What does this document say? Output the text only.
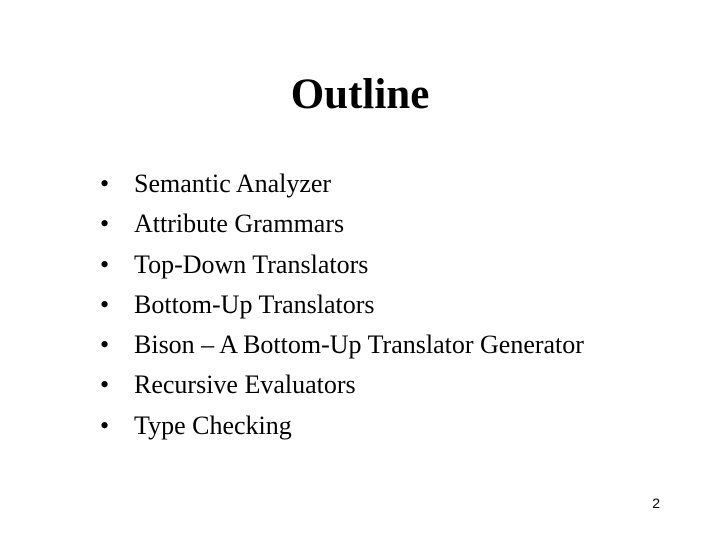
Outline
• Semantic Analyzer
• Attribute Grammars
• Top-Down Translators
• Bottom-Up Translators
• Bison – A Bottom-Up Translator Generator
• Recursive Evaluators
• Type Checking
2
